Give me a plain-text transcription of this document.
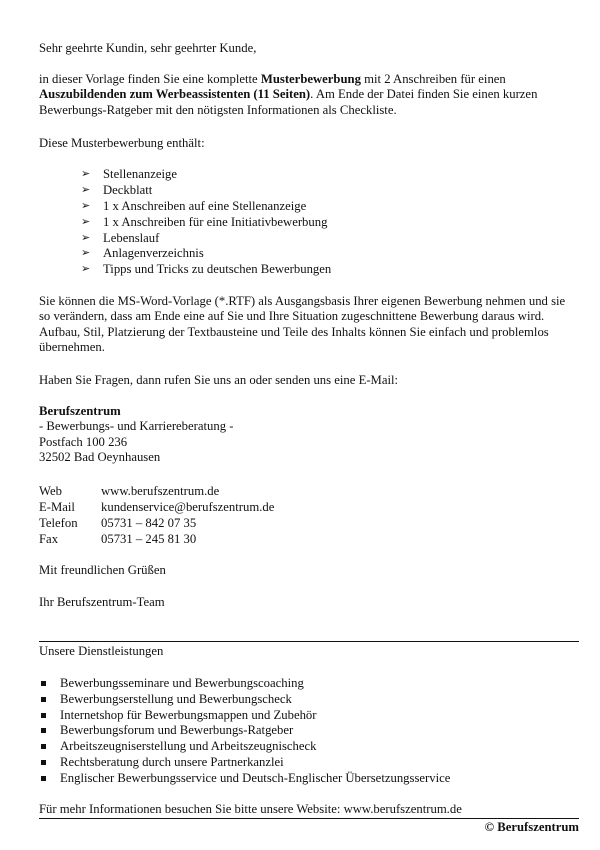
Sehr geehrte Kundin, sehr geehrter Kunde,

in dieser Vorlage finden Sie eine komplette Musterbewerbung mit 2 Anschreiben für einen Auszubildenden zum Werbeassistenten (11 Seiten). Am Ende der Datei finden Sie einen kurzen Bewerbungs-Ratgeber mit den nötigsten Informationen als Checkliste.

Diese Musterbewerbung enthält:

➢ Stellenanzeige
➢ Deckblatt
➢ 1 x Anschreiben auf eine Stellenanzeige
➢ 1 x Anschreiben für eine Initiativbewerbung
➢ Lebenslauf
➢ Anlagenverzeichnis
➢ Tipps und Tricks zu deutschen Bewerbungen

Sie können die MS-Word-Vorlage (*.RTF) als Ausgangsbasis Ihrer eigenen Bewerbung nehmen und sie so verändern, dass am Ende eine auf Sie und Ihre Situation zugeschnittene Bewerbung daraus wird. Aufbau, Stil, Platzierung der Textbausteine und Teile des Inhalts können Sie einfach und problemlos übernehmen.

Haben Sie Fragen, dann rufen Sie uns an oder senden uns eine E-Mail:

Berufszentrum

- Bewerbungs- und Karriereberatung -

Postfach 100 236

32502 Bad Oeynhausen

Web	www.berufszentrum.de
E-Mail kundenservice@berufszentrum.de
Telefon 05731 – 842 07 35
Fax	05731 – 245 81 30

Mit freundlichen Grüßen

Ihr Berufszentrum-Team

Unsere Dienstleistungen

Bewerbungsseminare und Bewerbungscoaching
Bewerbungserstellung und Bewerbungscheck
Internetshop für Bewerbungsmappen und Zubehör
Bewerbungsforum und Bewerbungs-Ratgeber
Arbeitszeugniserstellung und Arbeitszeugnischeck
Rechtsberatung durch unsere Partnerkanzlei
Englischer Bewerbungsservice und Deutsch-Englischer Übersetzungsservice

Für mehr Informationen besuchen Sie bitte unsere Website: www.berufszentrum.de

© Berufszentrum
